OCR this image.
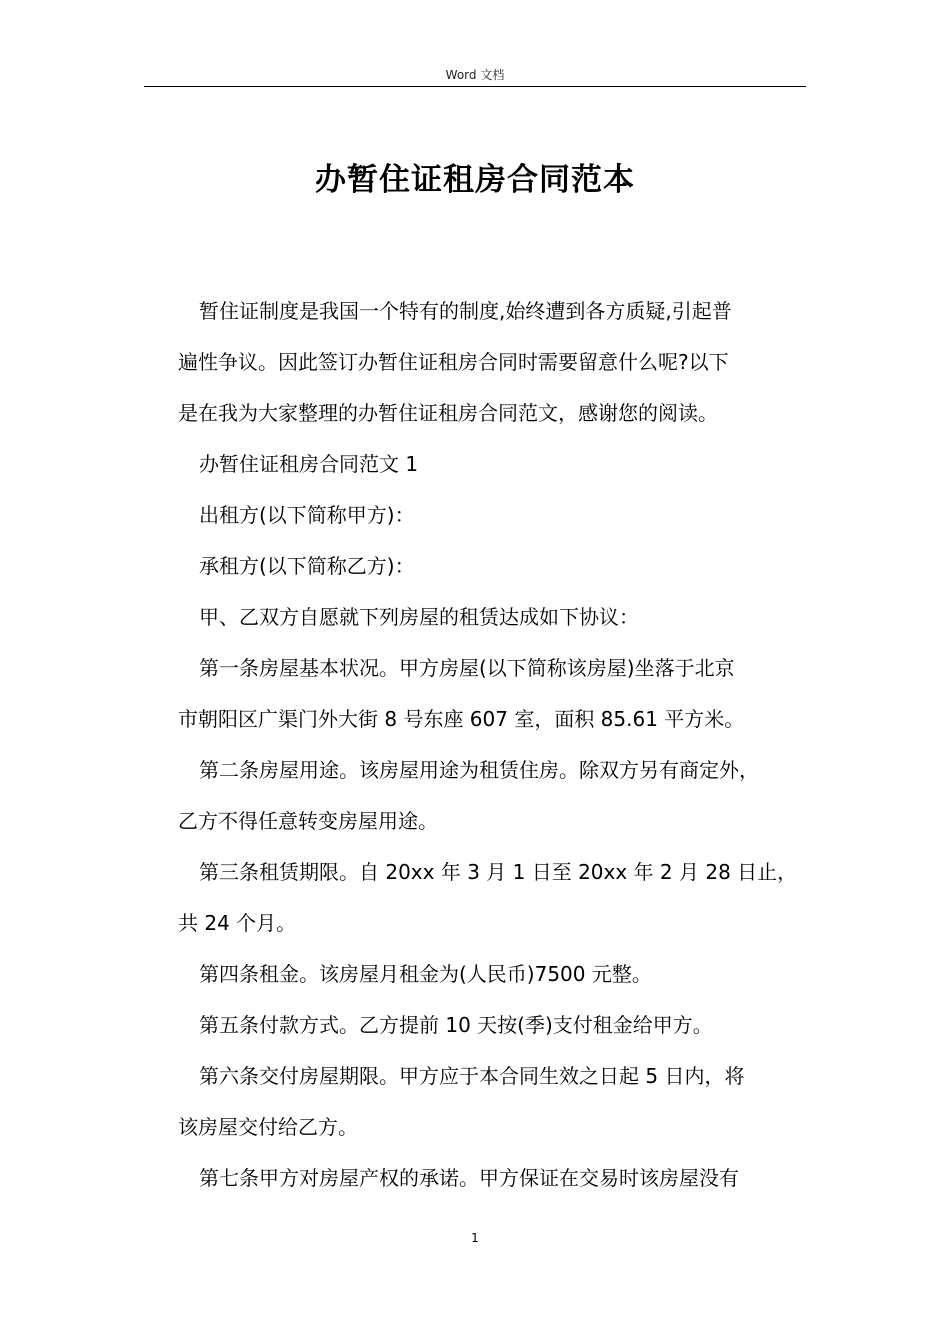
Word 文档
办暂住证租房合同范本
暂住证制度是我国一个特有的制度,始终遭到各方质疑,引起普
遍性争议。因此签订办暂住证租房合同时需要留意什么呢?以下
是在我为大家整理的办暂住证租房合同范文，感谢您的阅读。
办暂住证租房合同范文 1
出租方(以下简称甲方)：
承租方(以下简称乙方)：
甲、乙双方自愿就下列房屋的租赁达成如下协议：
第一条房屋基本状况。甲方房屋(以下简称该房屋)坐落于北京
市朝阳区广渠门外大街 8 号东座 607 室，面积 85.61 平方米。
第二条房屋用途。该房屋用途为租赁住房。除双方另有商定外，
乙方不得任意转变房屋用途。
第三条租赁期限。自 20xx 年 3 月 1 日至 20xx 年 2 月 28 日止，
共 24 个月。
第四条租金。该房屋月租金为(人民币)7500 元整。
第五条付款方式。乙方提前 10 天按(季)支付租金给甲方。
第六条交付房屋期限。甲方应于本合同生效之日起 5 日内，将
该房屋交付给乙方。
第七条甲方对房屋产权的承诺。甲方保证在交易时该房屋没有
1
